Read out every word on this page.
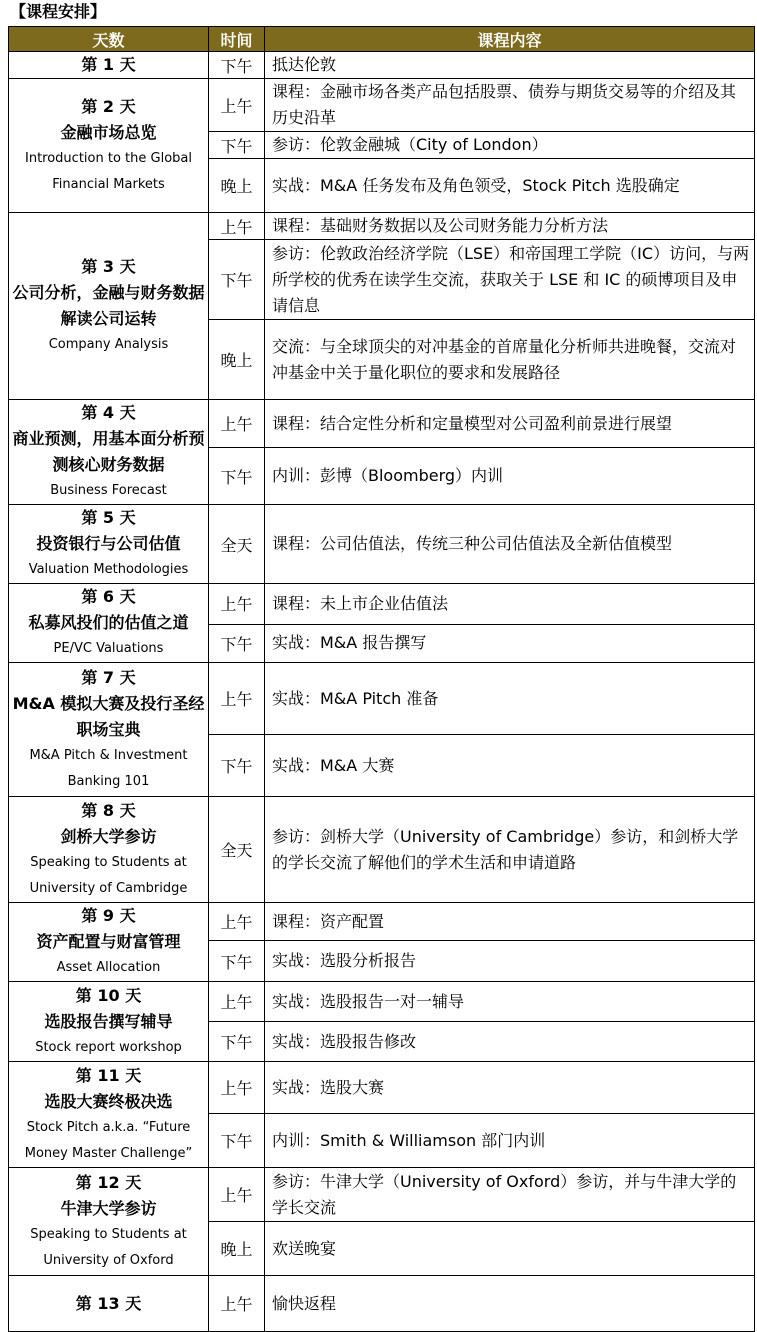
【课程安排】
天数	时间	课程内容

第 1 天	下午	抵达伦敦

第 2 天
金融市场总览
Introduction to the Global Financial Markets	上午	课程：金融市场各类产品包括股票、债券与期货交易等的介绍及其历史沿革
	下午	参访：伦敦金融城（City of London）
	晚上	实战：M&A 任务发布及角色领受，Stock Pitch 选股确定

第 3 天
公司分析，金融与财务数据解读公司运转
Company Analysis	上午	课程：基础财务数据以及公司财务能力分析方法
	下午	参访：伦敦政治经济学院（LSE）和帝国理工学院（IC）访问，与两所学校的优秀在读学生交流，获取关于 LSE 和 IC 的硕博项目及申请信息
	晚上	交流：与全球顶尖的对冲基金的首席量化分析师共进晚餐，交流对冲基金中关于量化职位的要求和发展路径

第 4 天
商业预测，用基本面分析预测核心财务数据
Business Forecast	上午	课程：结合定性分析和定量模型对公司盈利前景进行展望
	下午	内训：彭博（Bloomberg）内训

第 5 天
投资银行与公司估值
Valuation Methodologies	全天	课程：公司估值法，传统三种公司估值法及全新估值模型

第 6 天
私募风投们的估值之道
PE/VC Valuations	上午	课程：未上市企业估值法
	下午	实战：M&A 报告撰写

第 7 天
M&A 模拟大赛及投行圣经职场宝典
M&A Pitch & Investment Banking 101	上午	实战：M&A Pitch 准备
	下午	实战：M&A 大赛

第 8 天
剑桥大学参访
Speaking to Students at University of Cambridge	全天	参访：剑桥大学（University of Cambridge）参访，和剑桥大学的学长交流了解他们的学术生活和申请道路

第 9 天
资产配置与财富管理
Asset Allocation	上午	课程：资产配置
	下午	实战：选股分析报告

第 10 天
选股报告撰写辅导
Stock report workshop	上午	实战：选股报告一对一辅导
	下午	实战：选股报告修改

第 11 天
选股大赛终极决选
Stock Pitch a.k.a. “Future Money Master Challenge”	上午	实战：选股大赛
	下午	内训：Smith & Williamson 部门内训

第 12 天
牛津大学参访
Speaking to Students at University of Oxford	上午	参访：牛津大学（University of Oxford）参访，并与牛津大学的学长交流
	晚上	欢送晚宴

第 13 天	上午	愉快返程
